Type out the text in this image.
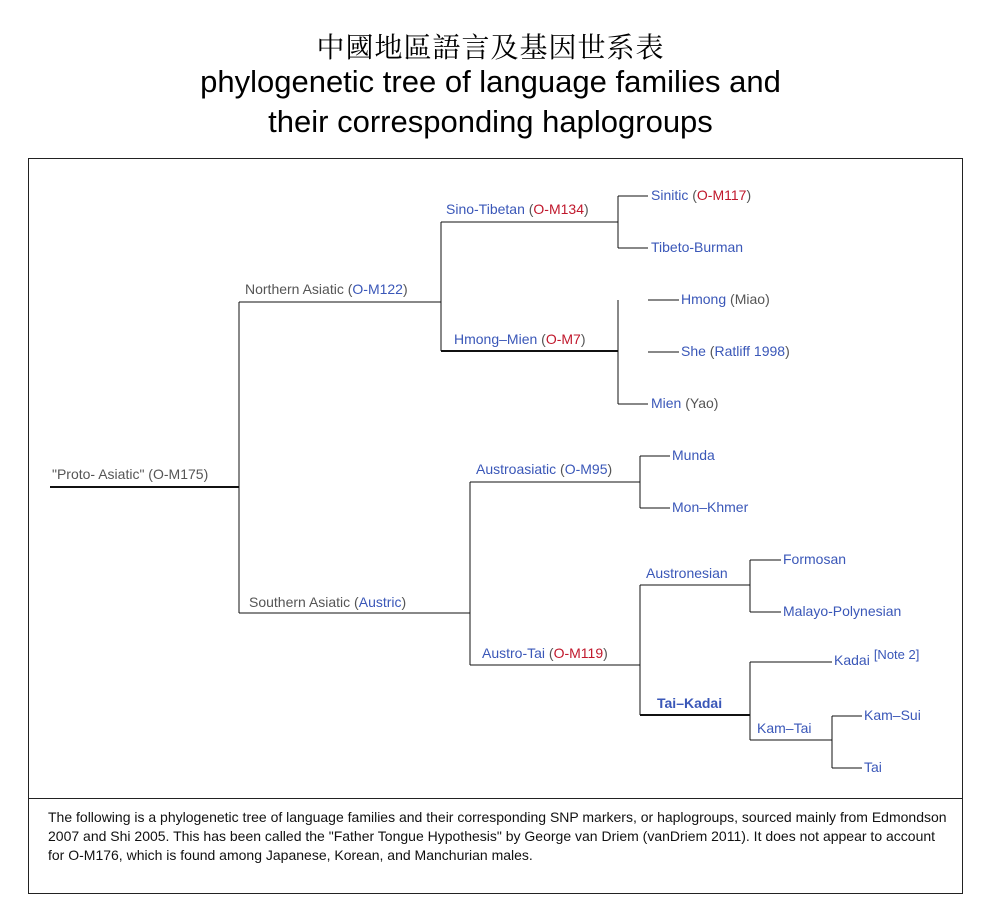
中國地區語言及基因世系表
phylogenetic tree of language families and
their corresponding haplogroups
"Proto- Asiatic" (O-M175)
Northern Asiatic (O-M122)
Southern Asiatic (Austric)
Sino-Tibetan (O-M134)
Hmong–Mien (O-M7)
Austroasiatic (O-M95)
Austro-Tai (O-M119)
Sinitic (O-M117)
Tibeto-Burman
Hmong (Miao)
She (Ratliff 1998)
Mien (Yao)
Munda
Mon–Khmer
Austronesian
Tai–Kadai
Formosan
Malayo-Polynesian
Kadai [Note 2]
Kam–Tai
Kam–Sui
Tai
The following is a phylogenetic tree of language families and their corresponding SNP markers, or haplogroups, sourced mainly from Edmondson 2007 and Shi 2005. This has been called the "Father Tongue Hypothesis" by George van Driem (vanDriem 2011). It does not appear to account for O-M176, which is found among Japanese, Korean, and Manchurian males.
